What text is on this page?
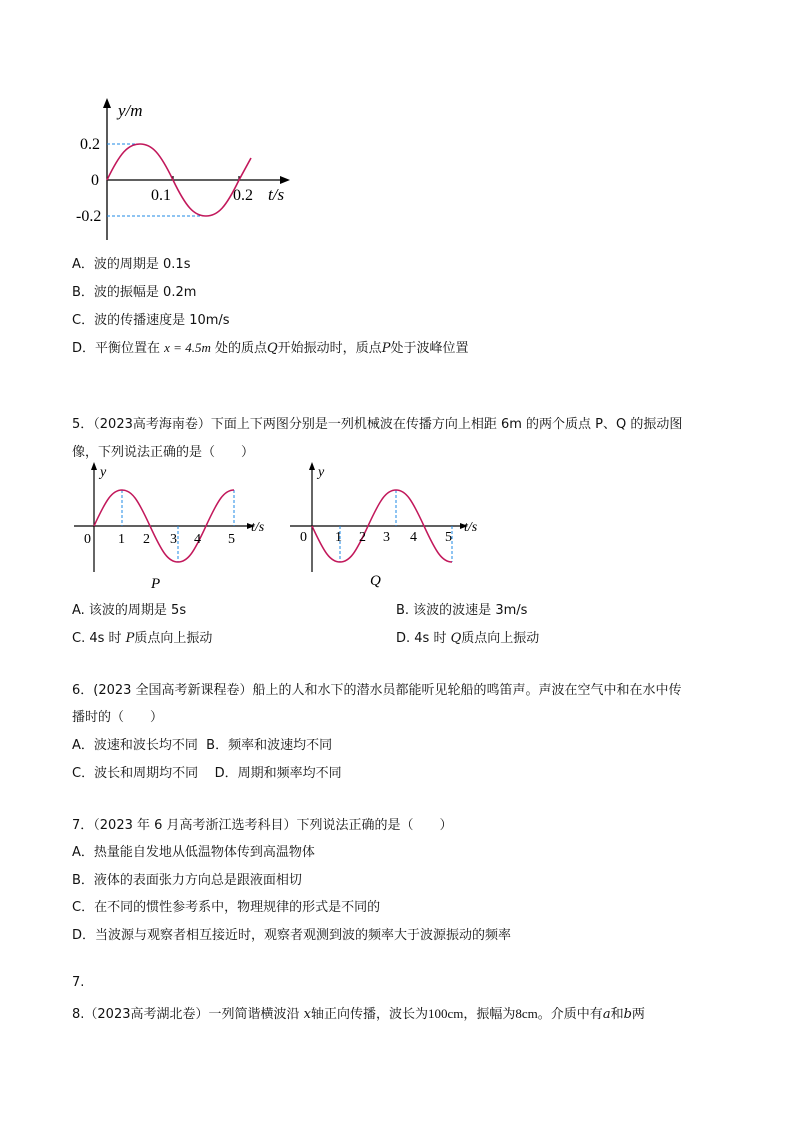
y/m
0.2
0
-0.2
0.1	0.2 t/s
A．波的周期是 0.1s
B．波的振幅是 0.2m
C．波的传播速度是 10m/s
D．平衡位置在 x = 4.5m 处的质点Q开始振动时，质点P处于波峰位置
5．（2023高考海南卷）下面上下两图分别是一列机械波在传播方向上相距 6m 的两个质点 P、Q 的振动图
像，下列说法正确的是（　　）
y
t/s
0 1 2 3 4 5
P
y
t/s
0 1 2 3 4 5
Q
A. 该波的周期是 5s	B. 该波的波速是 3m/s
C. 4s 时 P质点向上振动	D. 4s 时 Q质点向上振动
6．(2023 全国高考新课程卷）船上的人和水下的潜水员都能听见轮船的鸣笛声。声波在空气中和在水中传
播时的（　　）
A．波速和波长均不同 B．频率和波速均不同
C．波长和周期均不同 D．周期和频率均不同
7．（2023 年 6 月高考浙江选考科目）下列说法正确的是（　　）
A．热量能自发地从低温物体传到高温物体
B．液体的表面张力方向总是跟液面相切
C．在不同的惯性参考系中，物理规律的形式是不同的
D．当波源与观察者相互接近时，观察者观测到波的频率大于波源振动的频率
7.
8.（2023高考湖北卷）一列简谐横波沿 x轴正向传播，波长为100cm，振幅为8cm。介质中有a和b两
